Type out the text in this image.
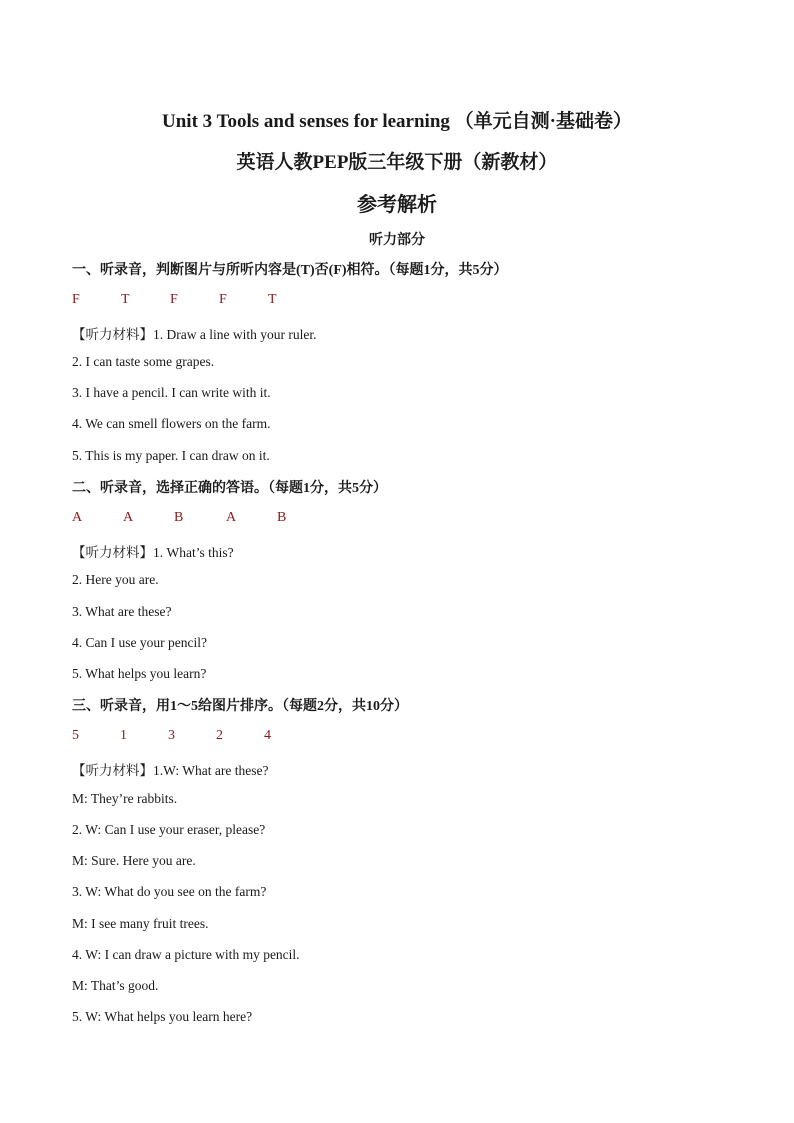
Unit 3 Tools and senses for learning （单元自测·基础卷）
英语人教PEP版三年级下册（新教材）
参考解析
听力部分
一、听录音，判断图片与所听内容是(T)否(F)相符。（每题1分，共5分）
F	T	F	F	T
【听力材料】1. Draw a line with your ruler.
2. I can taste some grapes.
3. I have a pencil. I can write with it.
4. We can smell flowers on the farm.
5. This is my paper. I can draw on it.
二、听录音，选择正确的答语。（每题1分，共5分）
A	A	B	A	B
【听力材料】1. What’s this?
2. Here you are.
3. What are these?
4. Can I use your pencil?
5. What helps you learn?
三、听录音，用1～5给图片排序。（每题2分，共10分）
5	1	3	2	4
【听力材料】1.W: What are these?
M: They’re rabbits.
2. W: Can I use your eraser, please?
M: Sure. Here you are.
3. W: What do you see on the farm?
M: I see many fruit trees.
4. W: I can draw a picture with my pencil.
M: That’s good.
5. W: What helps you learn here?
